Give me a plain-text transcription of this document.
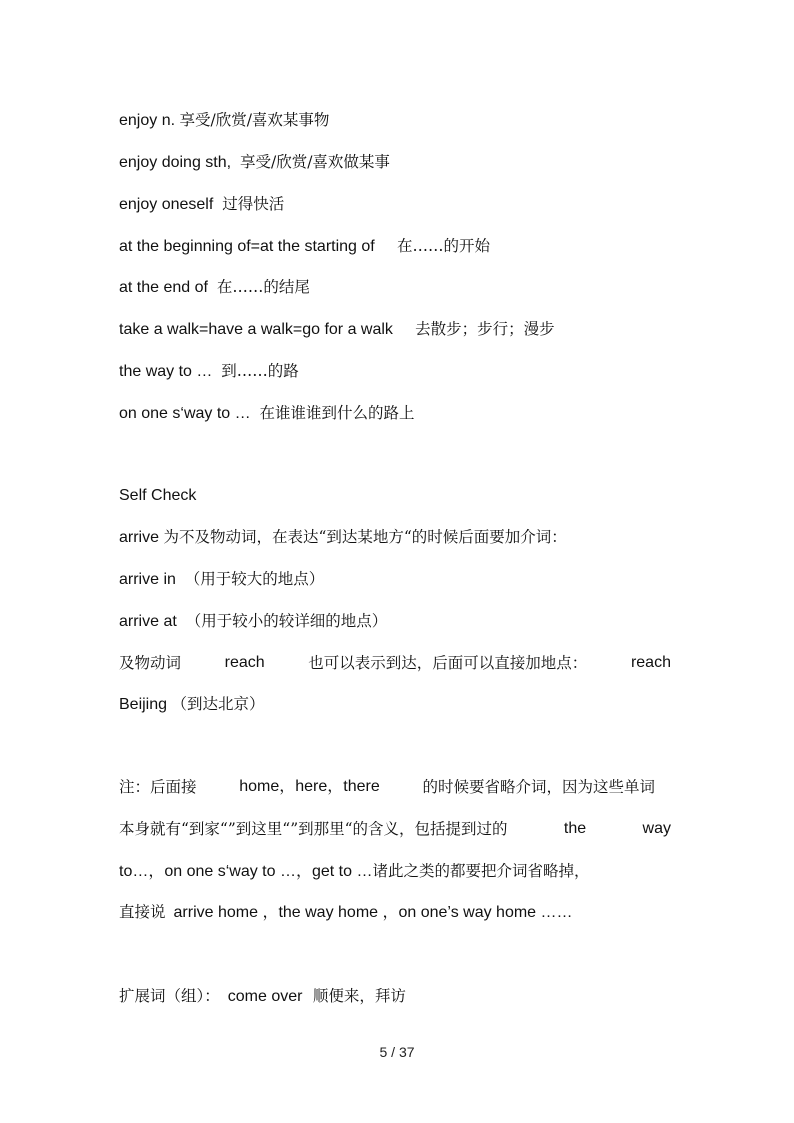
enjoy n. 享受/欣赏/喜欢某事物
enjoy doing sth,  享受/欣赏/喜欢做某事
enjoy oneself  过得快活
at the beginning of=at the starting of     在……的开始
at the end of  在……的结尾
take a walk=have a walk=go for a walk     去散步；步行；漫步
the way to …  到……的路
on one s‘way to …  在谁谁谁到什么的路上
Self Check
arrive 为不及物动词，在表达“到达某地方“的时候后面要加介词：
arrive in  （用于较大的地点）
arrive at  （用于较小的较详细的地点）
及物动词	reach	也可以表示到达，后面可以直接加地点：	reach
Beijing （到达北京）
注：后面接	home，here，there	的时候要省略介词，因为这些单词
本身就有“到家“”到这里“”到那里“的含义，包括提到过的	the	way
to…，on one s‘way to …，get to …诸此之类的都要把介词省略掉，
直接说 arrive home ，the way home ，on one’s way home ……
扩展词（组）： come over 顺便来，拜访
5 / 37
